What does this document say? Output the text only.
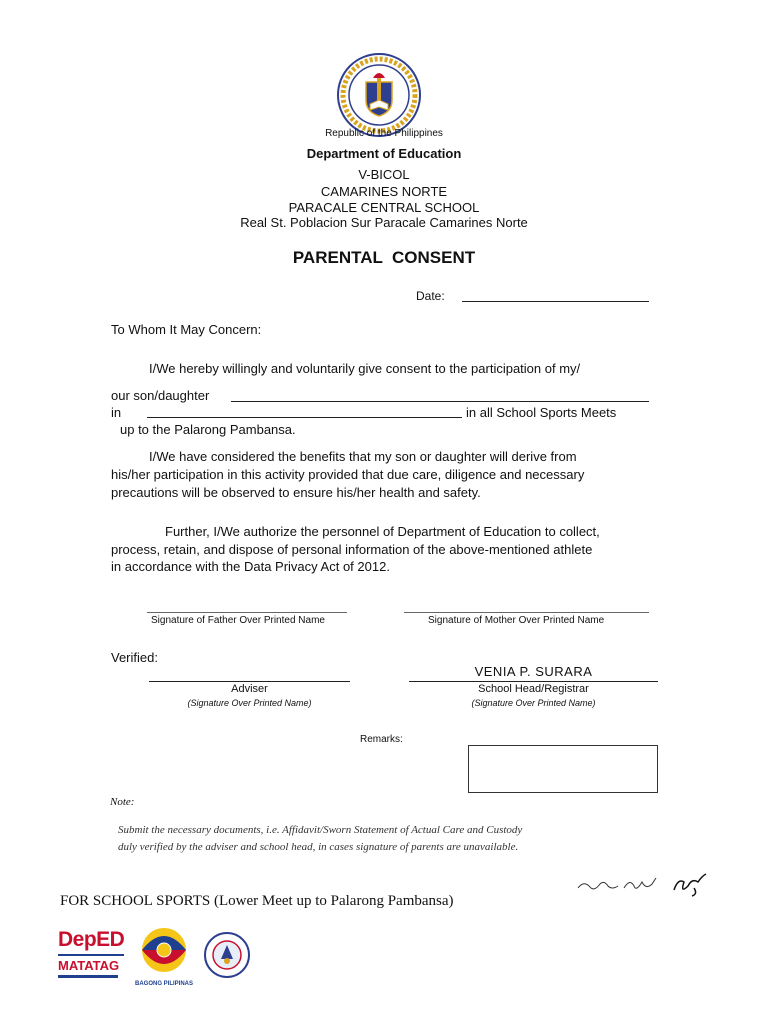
Republic of the Philippines
Department of Education
V-BICOL
CAMARINES NORTE
PARACALE CENTRAL SCHOOL
Real St. Poblacion Sur Paracale Camarines Norte
PARENTAL  CONSENT
Date:
To Whom It May Concern:
I/We hereby willingly and voluntarily give consent to the participation of my/
our son/daughter
in	in all School Sports Meets
up to the Palarong Pambansa.
I/We have considered the benefits that my son or daughter will derive from
his/her participation in this activity provided that due care, diligence and necessary
precautions will be observed to ensure his/her health and safety.
Further, I/We authorize the personnel of Department of Education to collect,
process, retain, and dispose of personal information of the above-mentioned athlete
in accordance with the Data Privacy Act of 2012.
Signature of Father Over Printed Name	Signature of Mother Over Printed Name
Verified:
Adviser
(Signature Over Printed Name)
VENIA P. SURARA
School Head/Registrar
(Signature Over Printed Name)
Remarks:
Note:
Submit the necessary documents, i.e. Affidavit/Sworn Statement of Actual Care and Custody
duly verified by the adviser and school head, in cases signature of parents are unavailable.
FOR SCHOOL SPORTS (Lower Meet up to Palarong Pambansa)
DepED
MATATAG
BAGONG PILIPINAS
